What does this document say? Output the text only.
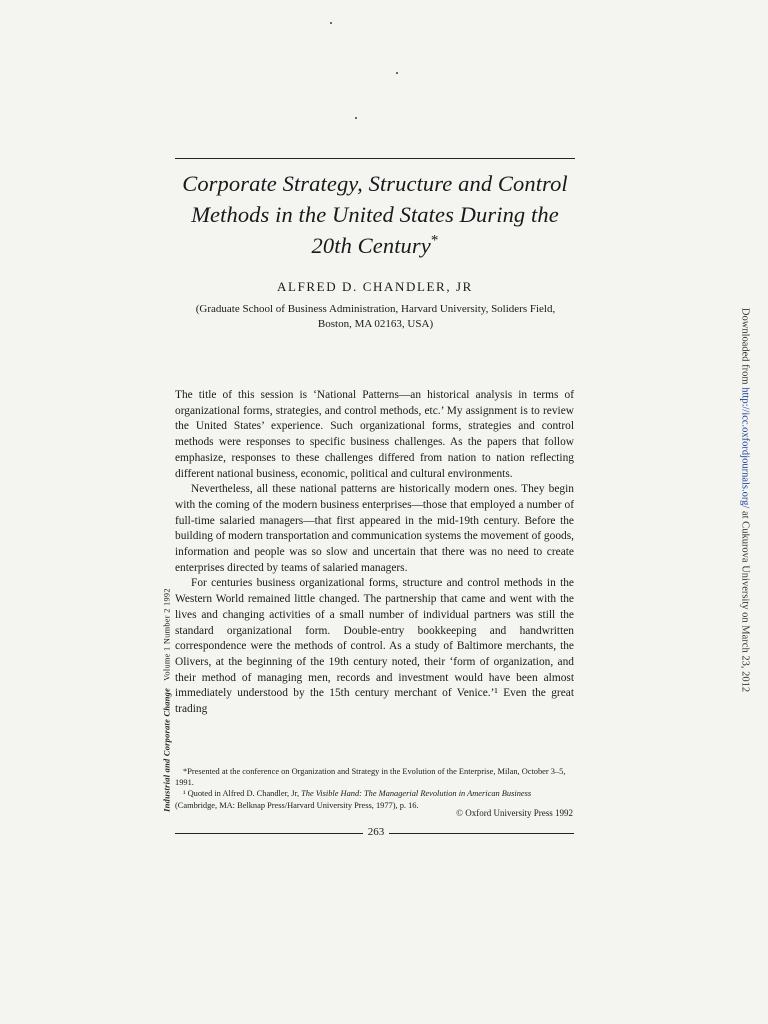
Corporate Strategy, Structure and Control
Methods in the United States During the
20th Century*
ALFRED D. CHANDLER, JR
(Graduate School of Business Administration, Harvard University, Soliders Field,
Boston, MA 02163, USA)

The title of this session is ‘National Patterns—an historical analysis in terms of organizational forms, strategies, and control methods, etc.’ My assignment is to review the United States’ experience. Such organizational forms, strategies and control methods were responses to specific business challenges. As the papers that follow emphasize, responses to these challenges differed from nation to nation reflecting different national business, economic, political and cultural environments.

Nevertheless, all these national patterns are historically modern ones. They begin with the coming of the modern business enterprises—those that employed a number of full-time salaried managers—that first appeared in the mid-19th century. Before the building of modern transportation and communication systems the movement of goods, information and people was so slow and uncertain that there was no need to create enterprises directed by teams of salaried managers.

For centuries business organizational forms, structure and control methods in the Western World remained little changed. The partnership that came and went with the lives and changing activities of a small number of individual partners was still the standard organizational form. Double-entry bookkeeping and handwritten correspondence were the methods of control. As a study of Baltimore merchants, the Olivers, at the beginning of the 19th century noted, their ‘form of organization, and their method of managing men, records and investment would have been almost immediately understood by the 15th century merchant of Venice.’¹ Even the great trading

*Presented at the conference on Organization and Strategy in the Evolution of the Enterprise, Milan, October 3–5, 1991.

¹ Quoted in Alfred D. Chandler, Jr, The Visible Hand: The Managerial Revolution in American Business (Cambridge, MA: Belknap Press/Harvard University Press, 1977), p. 16.

© Oxford University Press 1992
263
Industrial and Corporate Change   Volume 1 Number 2 1992
Downloaded from http://icc.oxfordjournals.org/ at Cukurova University on March 23, 2012
